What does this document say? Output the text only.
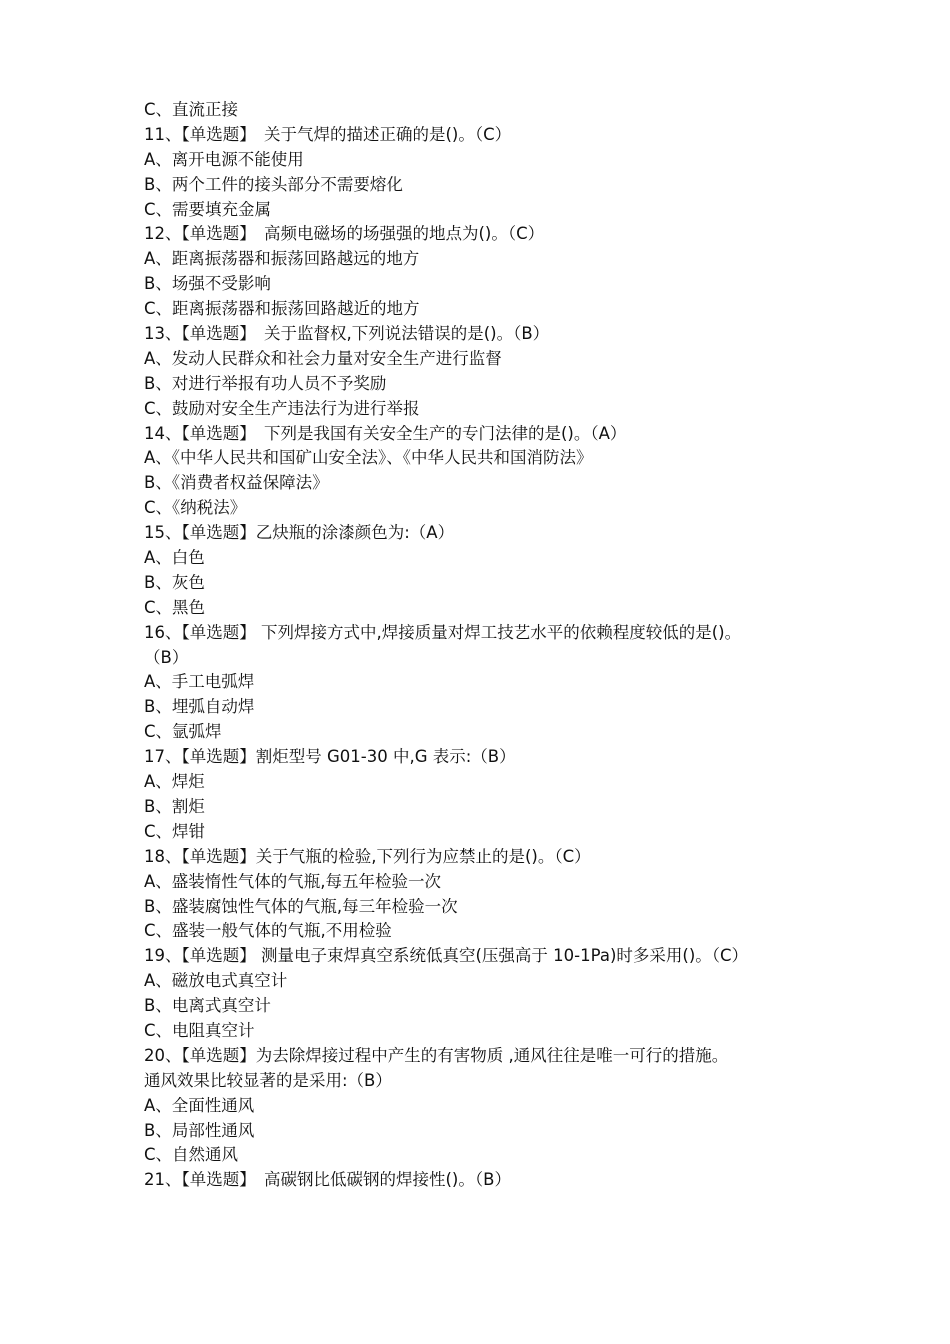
C、直流正接
11、【单选题】　关于气焊的描述正确的是()。（C）
A、离开电源不能使用
B、两个工件的接头部分不需要熔化
C、需要填充金属
12、【单选题】　高频电磁场的场强强的地点为()。（C）
A、距离振荡器和振荡回路越远的地方
B、场强不受影响
C、距离振荡器和振荡回路越近的地方
13、【单选题】　关于监督权,下列说法错误的是()。（B）
A、发动人民群众和社会力量对安全生产进行监督
B、对进行举报有功人员不予奖励
C、鼓励对安全生产违法行为进行举报
14、【单选题】　下列是我国有关安全生产的专门法律的是()。（A）
A、《中华人民共和国矿山安全法》、《中华人民共和国消防法》
B、《消费者权益保障法》
C、《纳税法》
15、【单选题】乙炔瓶的涂漆颜色为:（A）
A、白色
B、灰色
C、黑色
16、【单选题】 下列焊接方式中,焊接质量对焊工技艺水平的依赖程度较低的是()。
（B）
A、手工电弧焊
B、埋弧自动焊
C、氩弧焊
17、【单选题】割炬型号 G01-30 中,G 表示:（B）
A、焊炬
B、割炬
C、焊钳
18、【单选题】关于气瓶的检验,下列行为应禁止的是()。（C）
A、盛装惰性气体的气瓶,每五年检验一次
B、盛装腐蚀性气体的气瓶,每三年检验一次
C、盛装一般气体的气瓶,不用检验
19、【单选题】 测量电子束焊真空系统低真空(压强高于 10-1Pa)时多采用()。（C）
A、磁放电式真空计
B、电离式真空计
C、电阻真空计
20、【单选题】为去除焊接过程中产生的有害物质 ,通风往往是唯一可行的措施。
通风效果比较显著的是采用:（B）
A、全面性通风
B、局部性通风
C、自然通风
21、【单选题】　高碳钢比低碳钢的焊接性()。（B）
